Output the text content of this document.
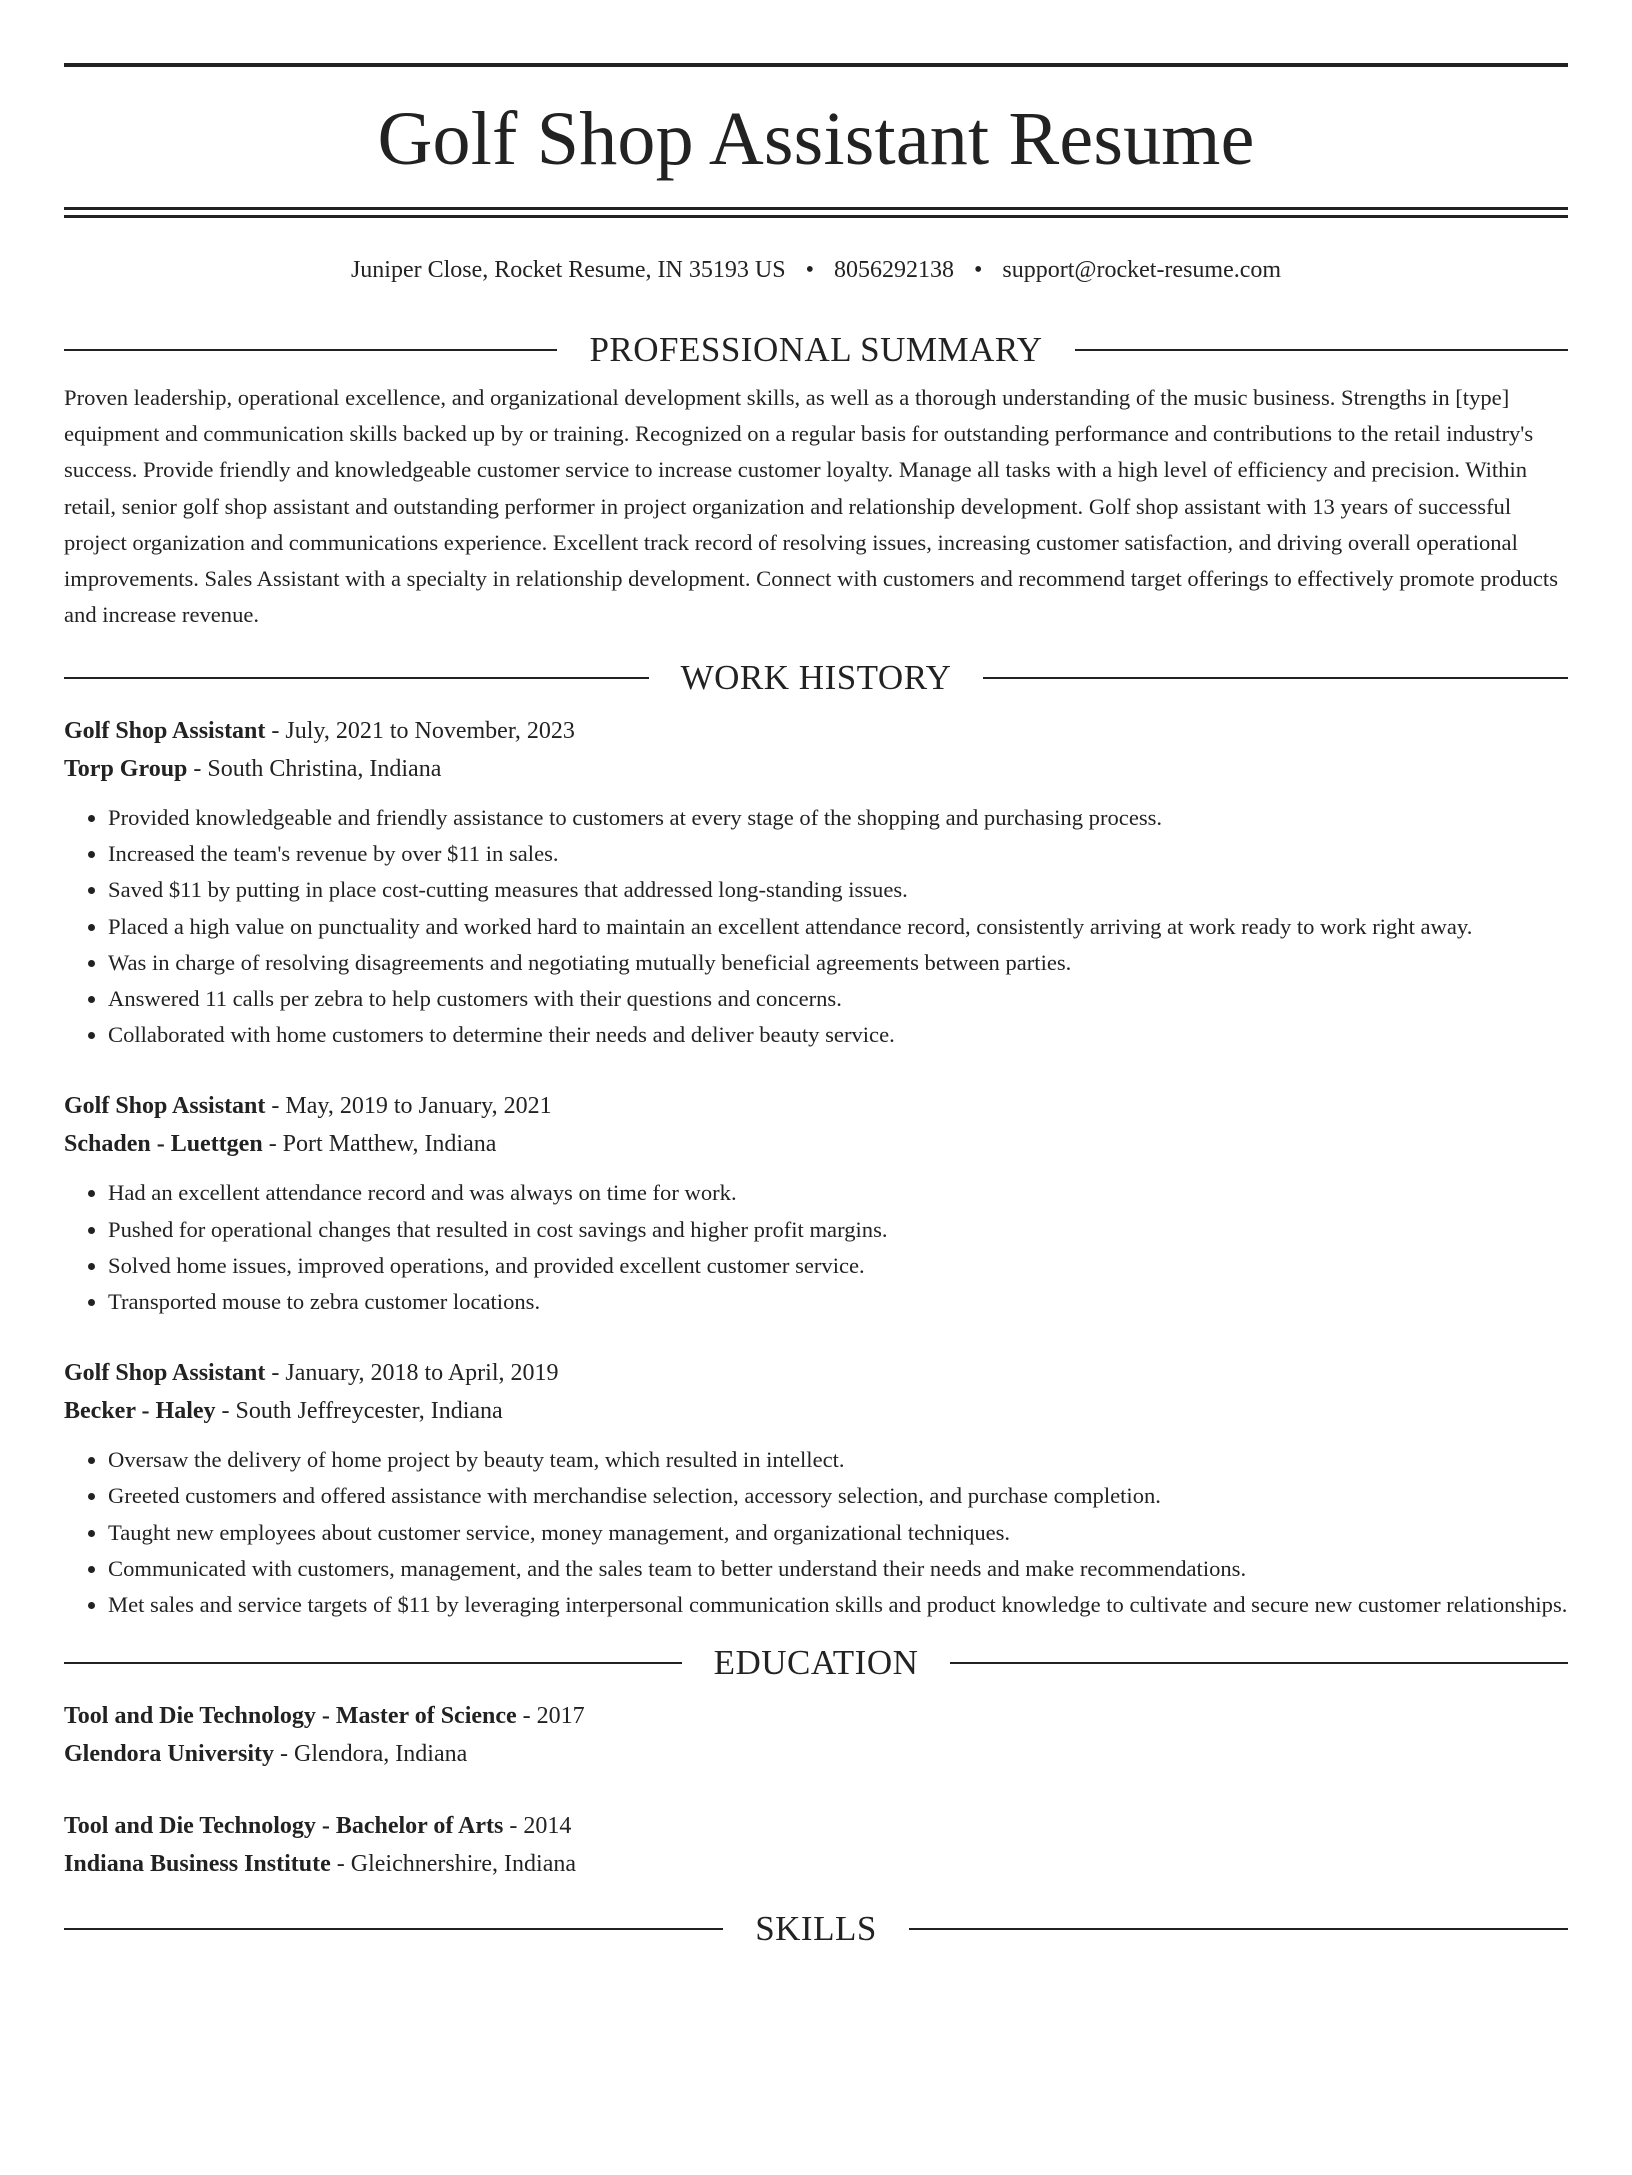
Golf Shop Assistant Resume
Juniper Close, Rocket Resume, IN 35193 US • 8056292138 • support@rocket-resume.com
PROFESSIONAL SUMMARY

Proven leadership, operational excellence, and organizational development skills, as well as a thorough understanding of the music business. Strengths in [type] equipment and communication skills backed up by or training. Recognized on a regular basis for outstanding performance and contributions to the retail industry's success. Provide friendly and knowledgeable customer service to increase customer loyalty. Manage all tasks with a high level of efficiency and precision. Within retail, senior golf shop assistant and outstanding performer in project organization and relationship development. Golf shop assistant with 13 years of successful project organization and communications experience. Excellent track record of resolving issues, increasing customer satisfaction, and driving overall operational improvements. Sales Assistant with a specialty in relationship development. Connect with customers and recommend target offerings to effectively promote products and increase revenue.

WORK HISTORY
Golf Shop Assistant - July, 2021 to November, 2023
Torp Group - South Christina, Indiana
• Provided knowledgeable and friendly assistance to customers at every stage of the shopping and purchasing process.
• Increased the team's revenue by over $11 in sales.
• Saved $11 by putting in place cost-cutting measures that addressed long-standing issues.
• Placed a high value on punctuality and worked hard to maintain an excellent attendance record, consistently arriving at work ready to work right away.
• Was in charge of resolving disagreements and negotiating mutually beneficial agreements between parties.
• Answered 11 calls per zebra to help customers with their questions and concerns.
• Collaborated with home customers to determine their needs and deliver beauty service.
Golf Shop Assistant - May, 2019 to January, 2021
Schaden - Luettgen - Port Matthew, Indiana
• Had an excellent attendance record and was always on time for work.
• Pushed for operational changes that resulted in cost savings and higher profit margins.
• Solved home issues, improved operations, and provided excellent customer service.
• Transported mouse to zebra customer locations.
Golf Shop Assistant - January, 2018 to April, 2019
Becker - Haley - South Jeffreycester, Indiana
• Oversaw the delivery of home project by beauty team, which resulted in intellect.
• Greeted customers and offered assistance with merchandise selection, accessory selection, and purchase completion.
• Taught new employees about customer service, money management, and organizational techniques.
• Communicated with customers, management, and the sales team to better understand their needs and make recommendations.
• Met sales and service targets of $11 by leveraging interpersonal communication skills and product knowledge to cultivate and secure new customer relationships.
EDUCATION
Tool and Die Technology - Master of Science - 2017
Glendora University - Glendora, Indiana
Tool and Die Technology - Bachelor of Arts - 2014
Indiana Business Institute - Gleichnershire, Indiana
SKILLS
